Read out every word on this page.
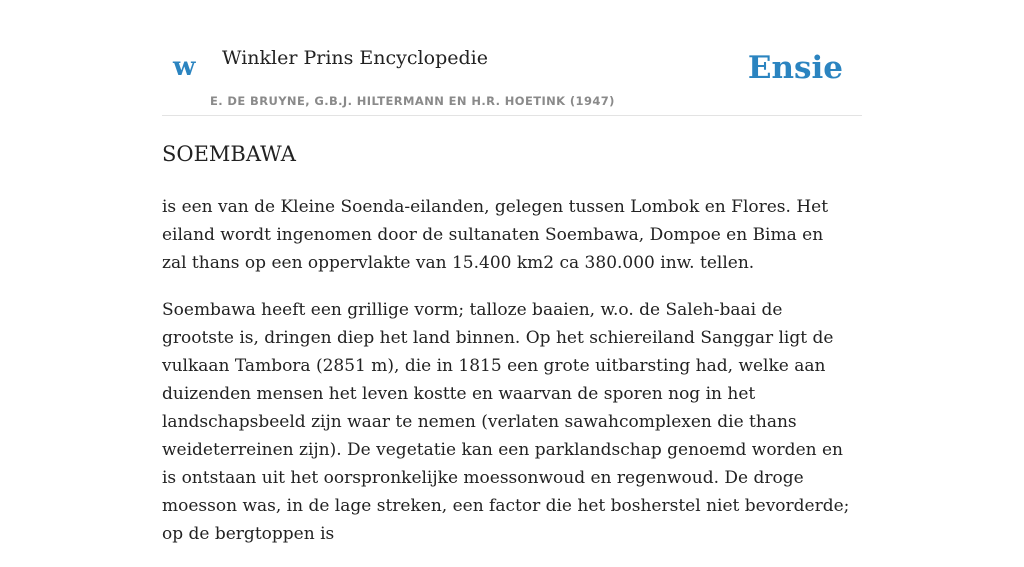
w Winkler Prins Encyclopedie
E. DE BRUYNE, G.B.J. HILTERMANN EN H.R. HOETINK (1947)
Ensie
SOEMBAWA

is een van de Kleine Soenda-eilanden, gelegen tussen Lombok en Flores. Het eiland wordt ingenomen door de sultanaten Soembawa, Dompoe en Bima en zal thans op een oppervlakte van 15.400 km2 ca 380.000 inw. tellen.

Soembawa heeft een grillige vorm; talloze baaien, w.o. de Saleh-baai de grootste is, dringen diep het land binnen. Op het schiereiland Sanggar ligt de vulkaan Tambora (2851 m), die in 1815 een grote uitbarsting had, welke aan duizenden mensen het leven kostte en waarvan de sporen nog in het landschapsbeeld zijn waar te nemen (verlaten sawahcomplexen die thans weideterreinen zijn). De vegetatie kan een parklandschap genoemd worden en is ontstaan uit het oorspronkelijke moessonwoud en regenwoud. De droge moesson was, in de lage streken, een factor die het bosherstel niet bevorderde; op de bergtoppen is
